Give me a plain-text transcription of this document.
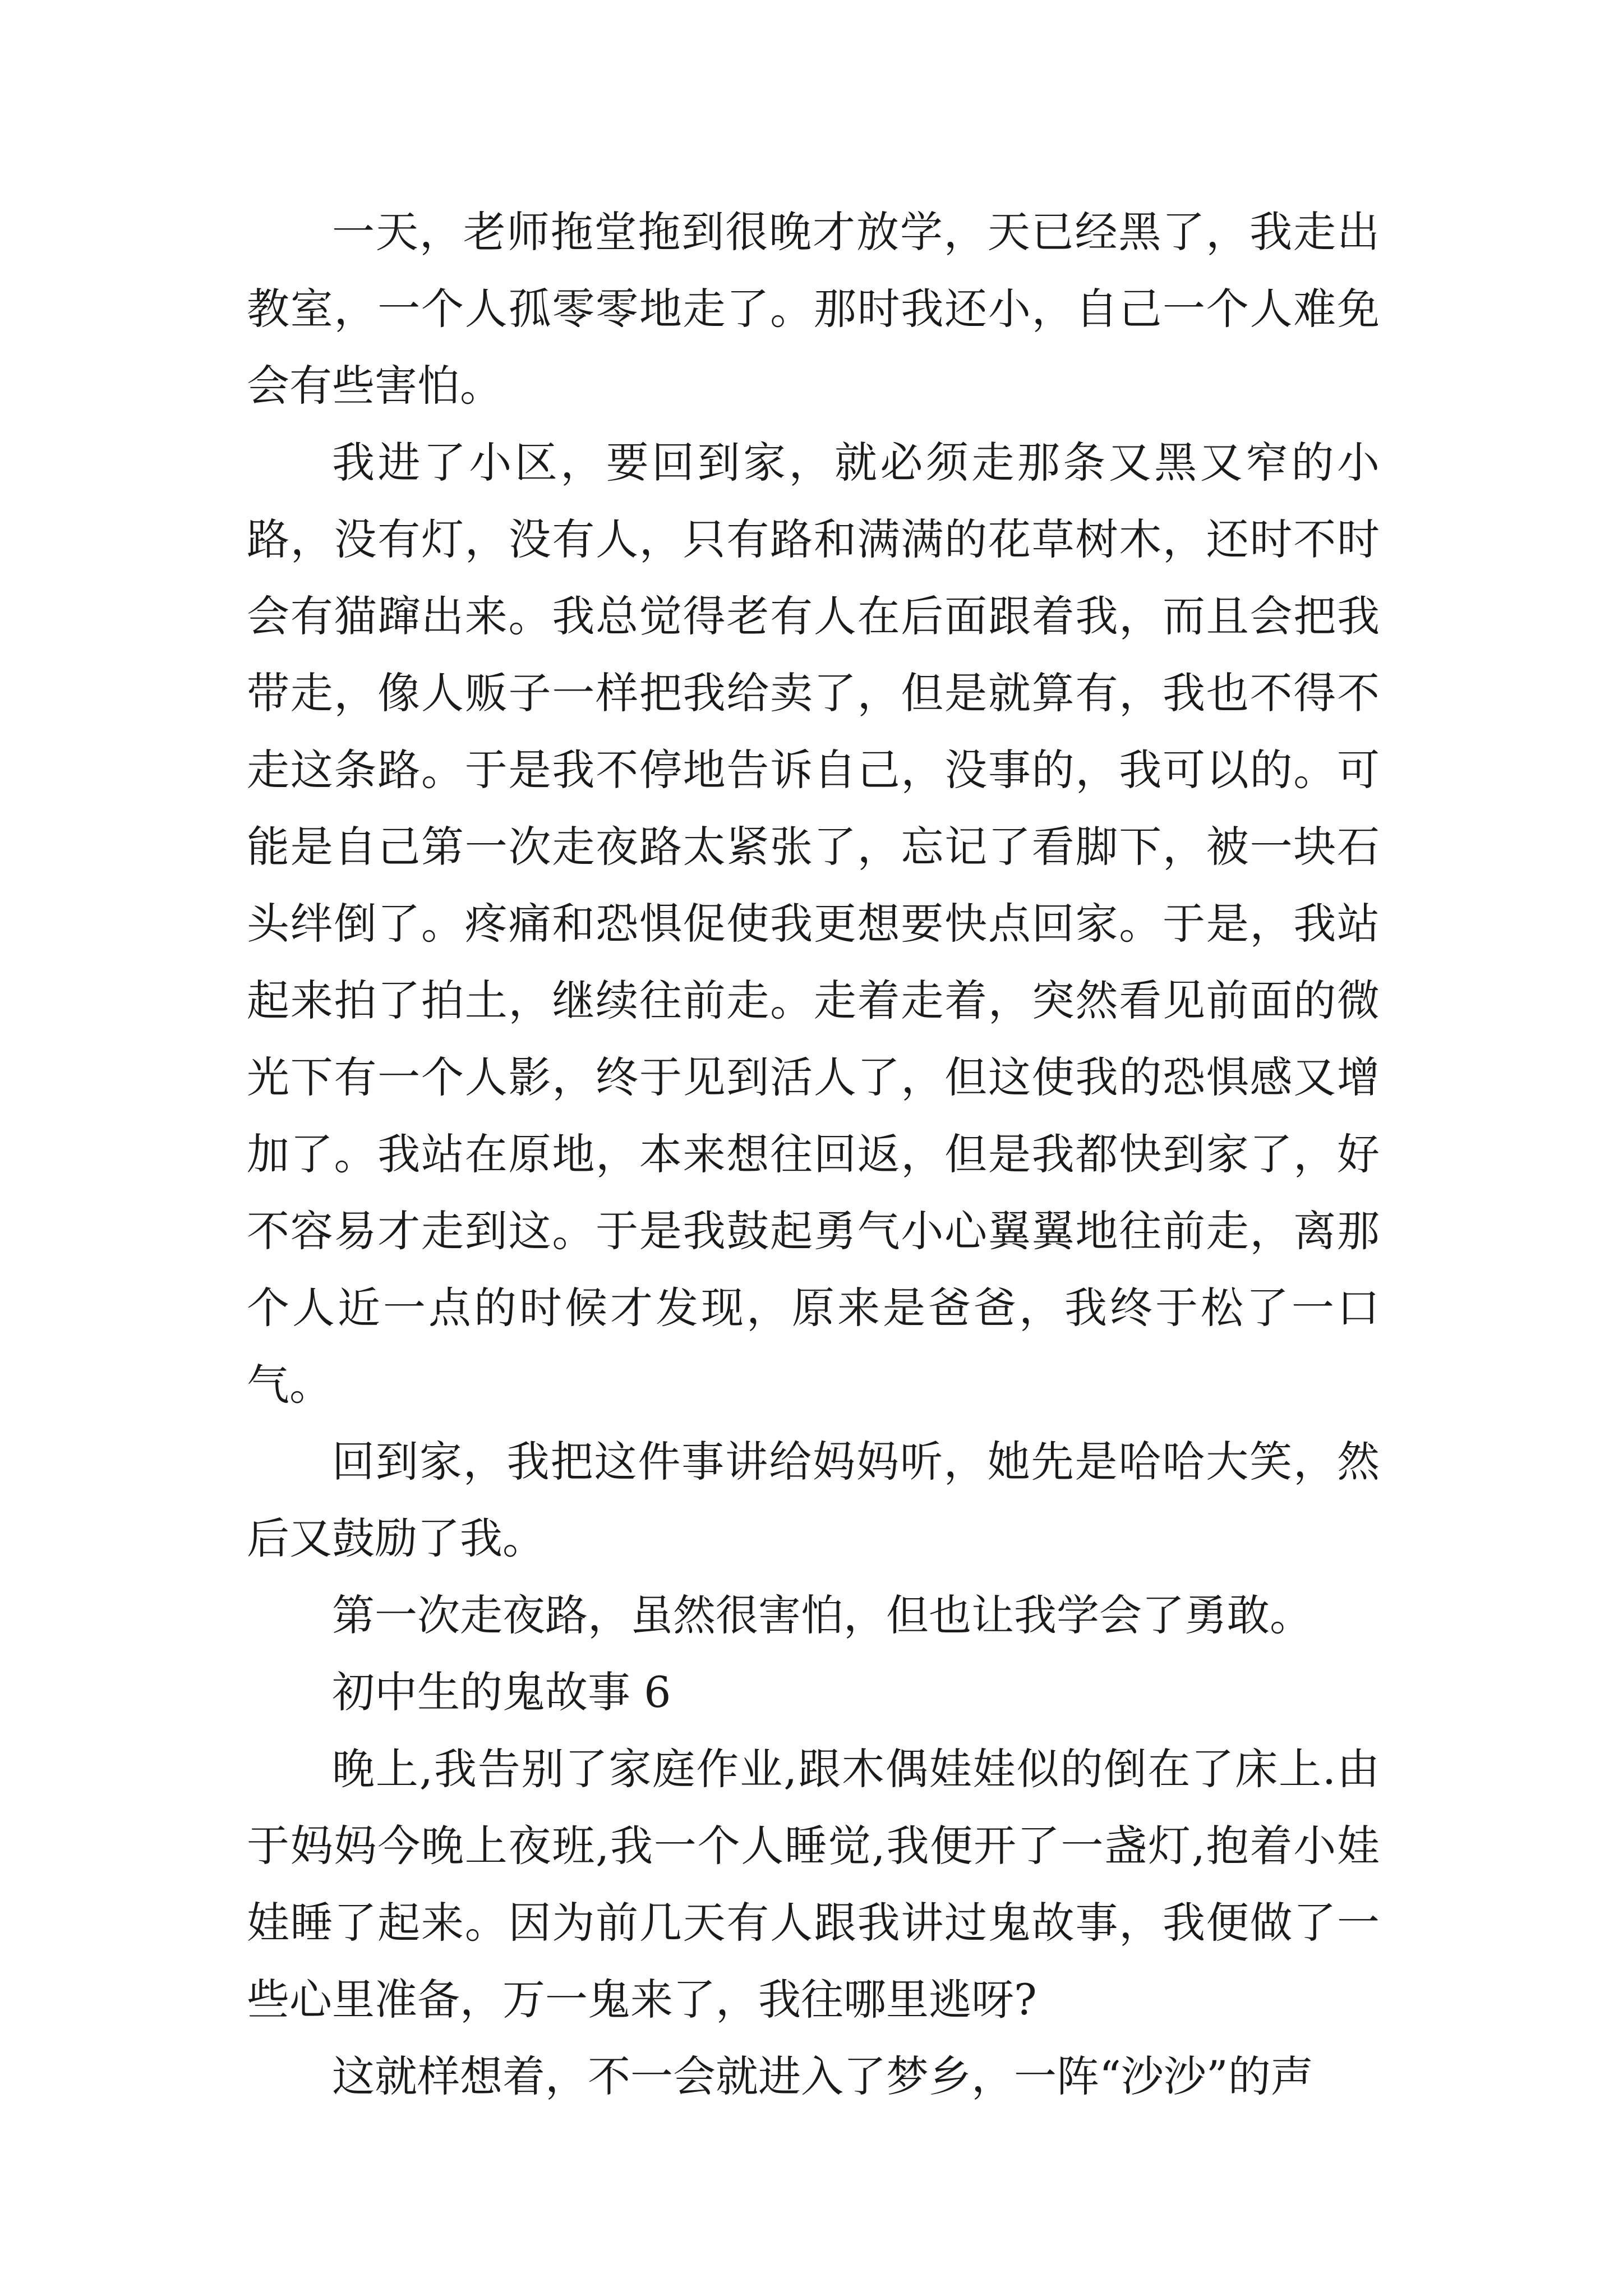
一天，老师拖堂拖到很晚才放学，天已经黑了，我走出教室，一个人孤零零地走了。那时我还小，自己一个人难免会有些害怕。

我进了小区，要回到家，就必须走那条又黑又窄的小路，没有灯，没有人，只有路和满满的花草树木，还时不时会有猫蹿出来。我总觉得老有人在后面跟着我，而且会把我带走，像人贩子一样把我给卖了，但是就算有，我也不得不走这条路。于是我不停地告诉自己，没事的，我可以的。可能是自己第一次走夜路太紧张了，忘记了看脚下，被一块石头绊倒了。疼痛和恐惧促使我更想要快点回家。于是，我站起来拍了拍土，继续往前走。走着走着，突然看见前面的微光下有一个人影，终于见到活人了，但这使我的恐惧感又增加了。我站在原地，本来想往回返，但是我都快到家了，好不容易才走到这。于是我鼓起勇气小心翼翼地往前走，离那个人近一点的时候才发现，原来是爸爸，我终于松了一口气。

回到家，我把这件事讲给妈妈听，她先是哈哈大笑，然后又鼓励了我。

第一次走夜路，虽然很害怕，但也让我学会了勇敢。

初中生的鬼故事 6

晚上,我告别了家庭作业,跟木偶娃娃似的倒在了床上.由于妈妈今晚上夜班,我一个人睡觉,我便开了一盏灯,抱着小娃娃睡了起来。因为前几天有人跟我讲过鬼故事，我便做了一些心里准备，万一鬼来了，我往哪里逃呀?

这就样想着，不一会就进入了梦乡，一阵“沙沙”的声
